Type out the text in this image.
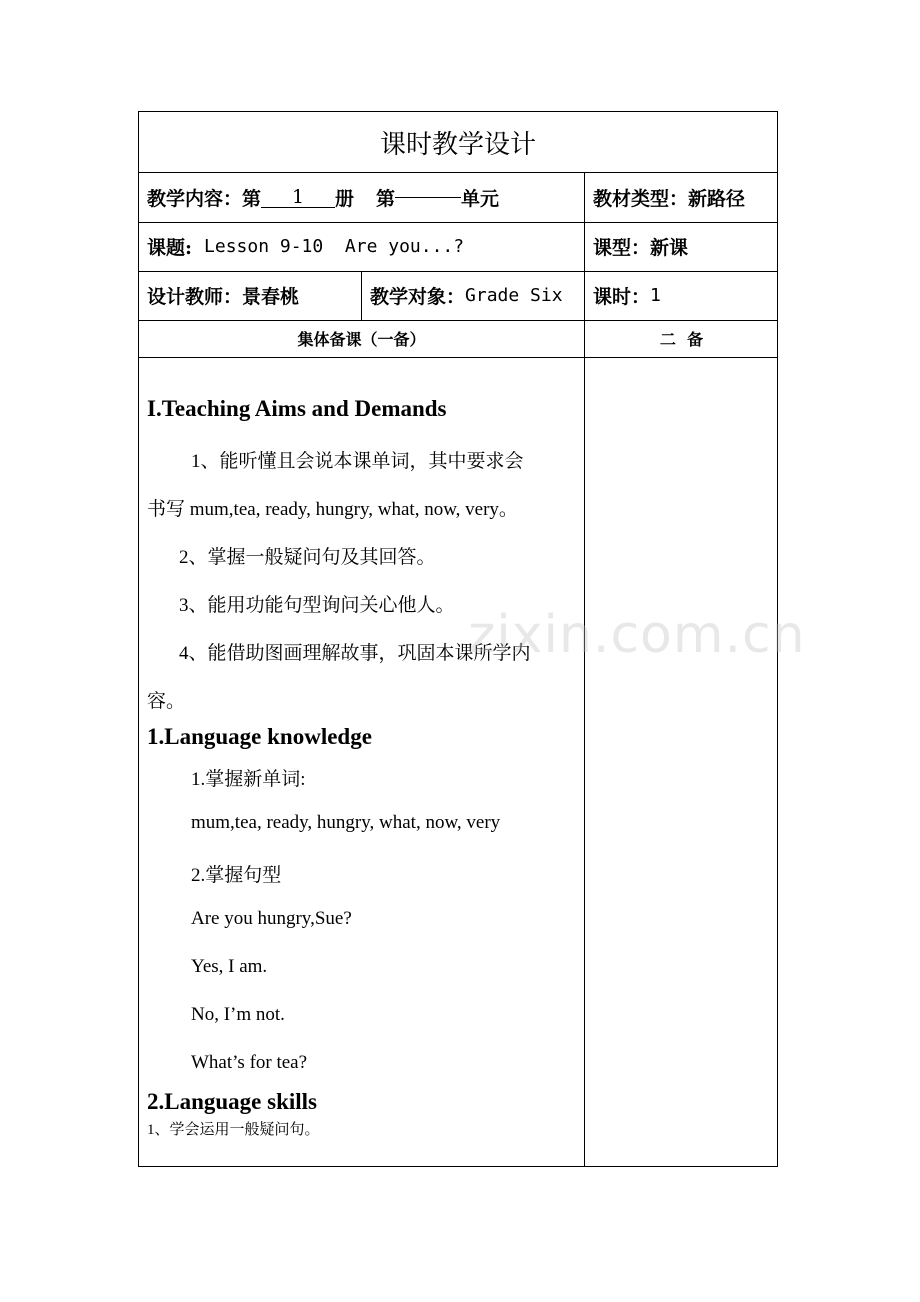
课时教学设计
教学内容：第	1	册 第	单元	教材类型：新路径
课题: Lesson 9-10  Are you...?	课型：新课
设计教师：景春桃	教学对象： Grade Six 课时： 1
集体备课（一备）	二  备
I.Teaching Aims and Demands
1、能听懂且会说本课单词，其中要求会
书写 mum,tea, ready, hungry, what, now, very。
2、掌握一般疑问句及其回答。
3、能用功能句型询问关心他人。
4、能借助图画理解故事，巩固本课所学内
容。
1.Language knowledge
1.掌握新单词:
mum,tea, ready, hungry, what, now, very
2.掌握句型
Are you hungry,Sue?
Yes, I am.
No, I’m not.
What’s for tea?
2.Language skills
1、学会运用一般疑问句。
zixin.com.cn
